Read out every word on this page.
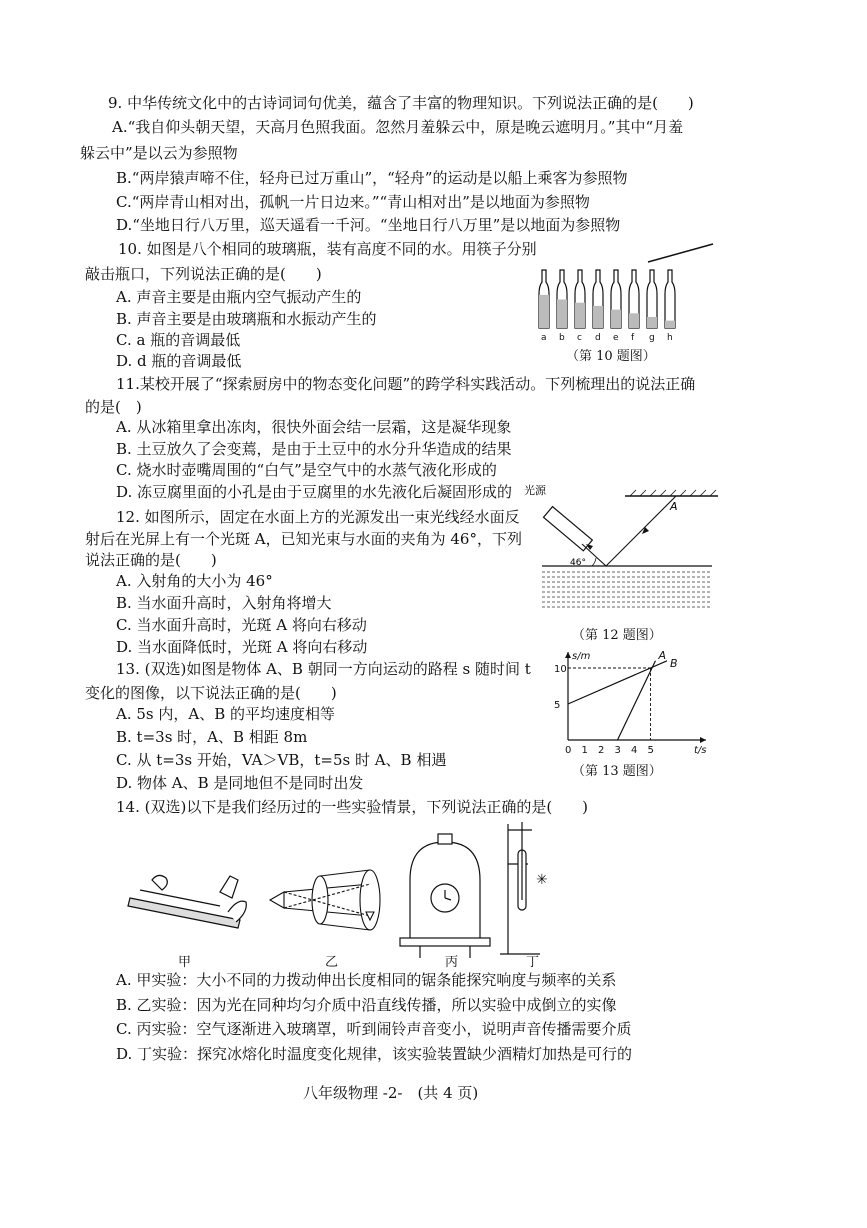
9. 中华传统文化中的古诗词词句优美，蕴含了丰富的物理知识。下列说法正确的是(　　)
A.“我自仰头朝天望，天高月色照我面。忽然月羞躲云中，原是晚云遮明月。”其中“月羞
躲云中”是以云为参照物
B.“两岸猿声啼不住，轻舟已过万重山”，“轻舟”的运动是以船上乘客为参照物
C.“两岸青山相对出，孤帆一片日边来。”“青山相对出”是以地面为参照物
D.“坐地日行八万里，巡天遥看一千河。“坐地日行八万里”是以地面为参照物
10. 如图是八个相同的玻璃瓶，装有高度不同的水。用筷子分别
敲击瓶口，下列说法正确的是(　　)
A. 声音主要是由瓶内空气振动产生的
B. 声音主要是由玻璃瓶和水振动产生的
C. a 瓶的音调最低
D. d 瓶的音调最低
a b c d e f g h
（第 10 题图）
11.某校开展了“探索厨房中的物态变化问题”的跨学科实践活动。下列梳理出的说法正确
的是(　)
A. 从冰箱里拿出冻肉，很快外面会结一层霜，这是凝华现象
B. 土豆放久了会变蔫，是由于土豆中的水分升华造成的结果
C. 烧水时壶嘴周围的“白气”是空气中的水蒸气液化形成的
D. 冻豆腐里面的小孔是由于豆腐里的水先液化后凝固形成的
12. 如图所示，固定在水面上方的光源发出一束光线经水面反
射后在光屏上有一个光斑 A，已知光束与水面的夹角为 46°，下列
说法正确的是(　　)
A. 入射角的大小为 46°
B. 当水面升高时，入射角将增大
C. 当水面升高时，光斑 A 将向右移动
D. 当水面降低时，光斑 A 将向右移动
光源
A
46°
（第 12 题图）
13. (双选)如图是物体 A、B 朝同一方向运动的路程 s 随时间 t
变化的图像，以下说法正确的是(　　)
A. 5s 内，A、B 的平均速度相等
B. t=3s 时，A、B 相距 8m
C. 从 t=3s 开始，VA＞VB，t=5s 时 A、B 相遇
D. 物体 A、B 是同地但不是同时出发
s/m
t/s
0 1 2 3 4 5
5
10
A
B
（第 13 题图）
14. (双选)以下是我们经历过的一些实验情景，下列说法正确的是(　　)
✳
甲	乙	丙	丁
A. 甲实验：大小不同的力拨动伸出长度相同的锯条能探究响度与频率的关系
B. 乙实验：因为光在同种均匀介质中沿直线传播，所以实验中成倒立的实像
C. 丙实验：空气逐渐进入玻璃罩，听到闹铃声音变小，说明声音传播需要介质
D. 丁实验：探究冰熔化时温度变化规律，该实验装置缺少酒精灯加热是可行的
八年级物理 -2-　(共 4 页)
